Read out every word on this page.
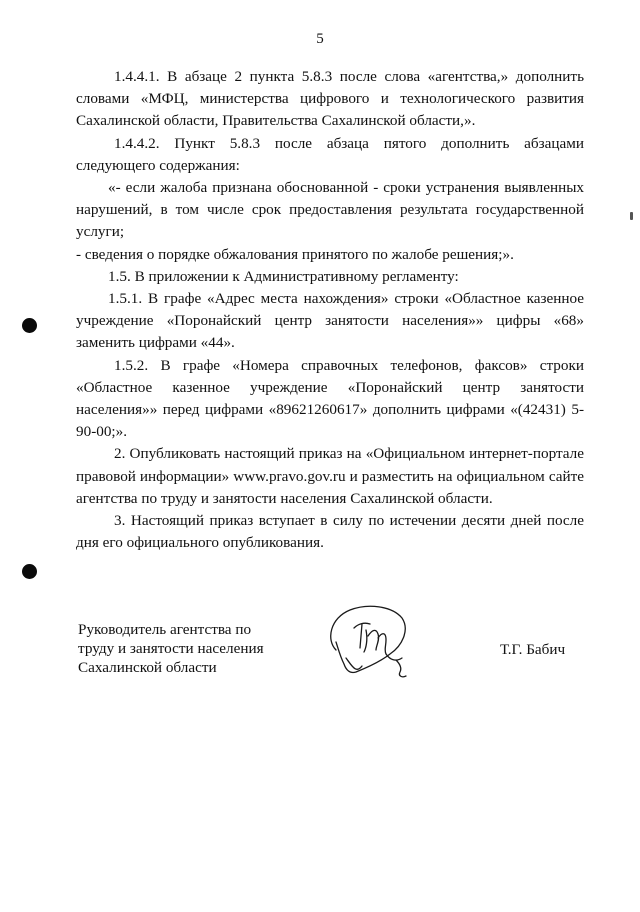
5

1.4.4.1. В абзаце 2 пункта 5.8.3 после слова «агентства,» дополнить словами «МФЦ, министерства цифрового и технологического развития Сахалинской области, Правительства Сахалинской области,».

1.4.4.2. Пункт 5.8.3 после абзаца пятого дополнить абзацами следующего содержания:

«- если жалоба признана обоснованной - сроки устранения выявленных нарушений, в том числе срок предоставления результата государственной услуги;

- сведения о порядке обжалования принятого по жалобе решения;».

1.5. В приложении к Административному регламенту:

1.5.1. В графе «Адрес места нахождения» строки «Областное казенное учреждение «Поронайский центр занятости населения»» цифры «68» заменить цифрами «44».

1.5.2. В графе «Номера справочных телефонов, факсов» строки «Областное казенное учреждение «Поронайский центр занятости населения»» перед цифрами «89621260617» дополнить цифрами «(42431) 5-90-00;».

2. Опубликовать настоящий приказ на «Официальном интернет-портале правовой информации» www.pravo.gov.ru и разместить на официальном сайте агентства по труду и занятости населения Сахалинской области.

3. Настоящий приказ вступает в силу по истечении десяти дней после дня его официального опубликования.

Руководитель агентства по
труду и занятости населения
Сахалинской области
Т.Г. Бабич
